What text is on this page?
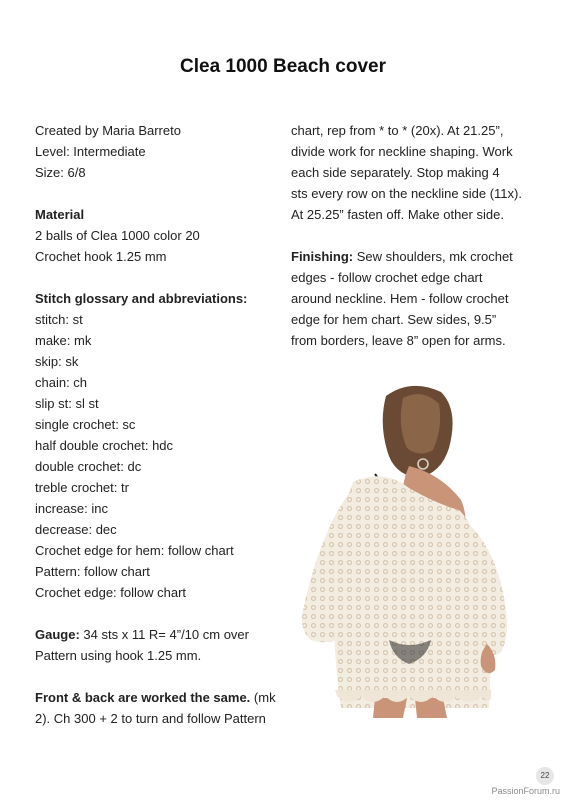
Clea 1000 Beach cover

Created by Maria Barreto

Level: Intermediate

Size: 6/8

Material

2 balls of Clea 1000 color 20

Crochet hook 1.25 mm

Stitch glossary and abbreviations:

stitch: st

make: mk

skip: sk

chain: ch

slip st: sl st

single crochet: sc

half double crochet: hdc

double crochet: dc

treble crochet: tr

increase: inc

decrease: dec

Crochet edge for hem: follow chart

Pattern: follow chart

Crochet edge: follow chart

Gauge: 34 sts x 11 R= 4”/10 cm over

Pattern using hook 1.25 mm.

Front & back are worked the same. (mk

2). Ch 300 + 2 to turn and follow Pattern

chart, rep from * to * (20x). At 21.25”,

divide work for neckline shaping. Work

each side separately. Stop making 4

sts every row on the neckline side (11x).

At 25.25” fasten off. Make other side.

Finishing: Sew shoulders, mk crochet

edges - follow crochet edge chart

around neckline. Hem - follow crochet

edge for hem chart. Sew sides, 9.5”

from borders, leave 8” open for arms.

22
PassionForum.ru
